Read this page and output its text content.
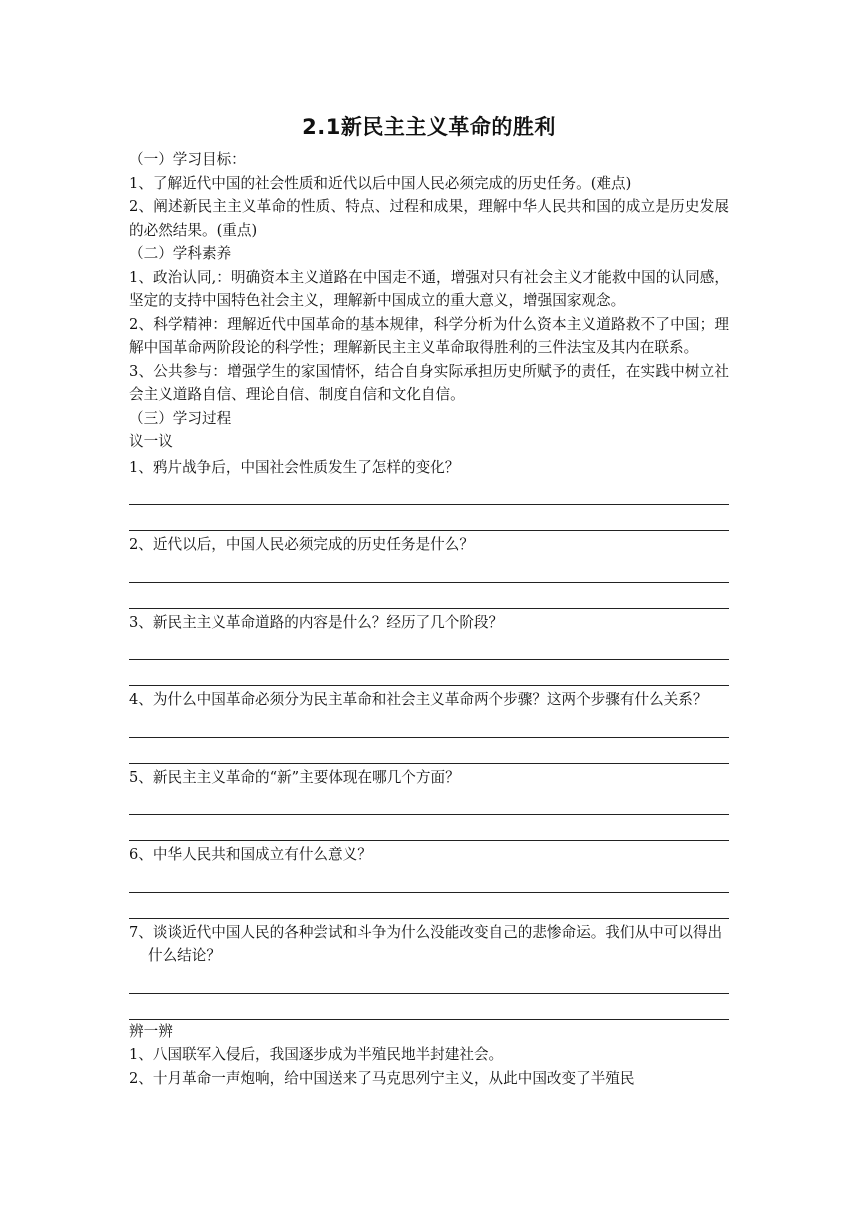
2.1新民主主义革命的胜利
（一）学习目标：
1、了解近代中国的社会性质和近代以后中国人民必须完成的历史任务。(难点)
2、阐述新民主主义革命的性质、特点、过程和成果，理解中华人民共和国的成立是历史发展的必然结果。(重点)
（二）学科素养
1、政治认同,：明确资本主义道路在中国走不通，增强对只有社会主义才能救中国的认同感，坚定的支持中国特色社会主义，理解新中国成立的重大意义，增强国家观念。
2、科学精神：理解近代中国革命的基本规律，科学分析为什么资本主义道路救不了中国；理解中国革命两阶段论的科学性；理解新民主主义革命取得胜利的三件法宝及其内在联系。
3、公共参与：增强学生的家国情怀，结合自身实际承担历史所赋予的责任，在实践中树立社会主义道路自信、理论自信、制度自信和文化自信。
（三）学习过程
议一议
1、鸦片战争后，中国社会性质发生了怎样的变化？
2、近代以后，中国人民必须完成的历史任务是什么？
3、新民主主义革命道路的内容是什么？经历了几个阶段？
4、为什么中国革命必须分为民主革命和社会主义革命两个步骤？这两个步骤有什么关系？
5、新民主主义革命的“新”主要体现在哪几个方面？
6、中华人民共和国成立有什么意义？
7、谈谈近代中国人民的各种尝试和斗争为什么没能改变自己的悲惨命运。我们从中可以得出什么结论？
辨一辨
1、八国联军入侵后，我国逐步成为半殖民地半封建社会。
2、十月革命一声炮响，给中国送来了马克思列宁主义，从此中国改变了半殖民
